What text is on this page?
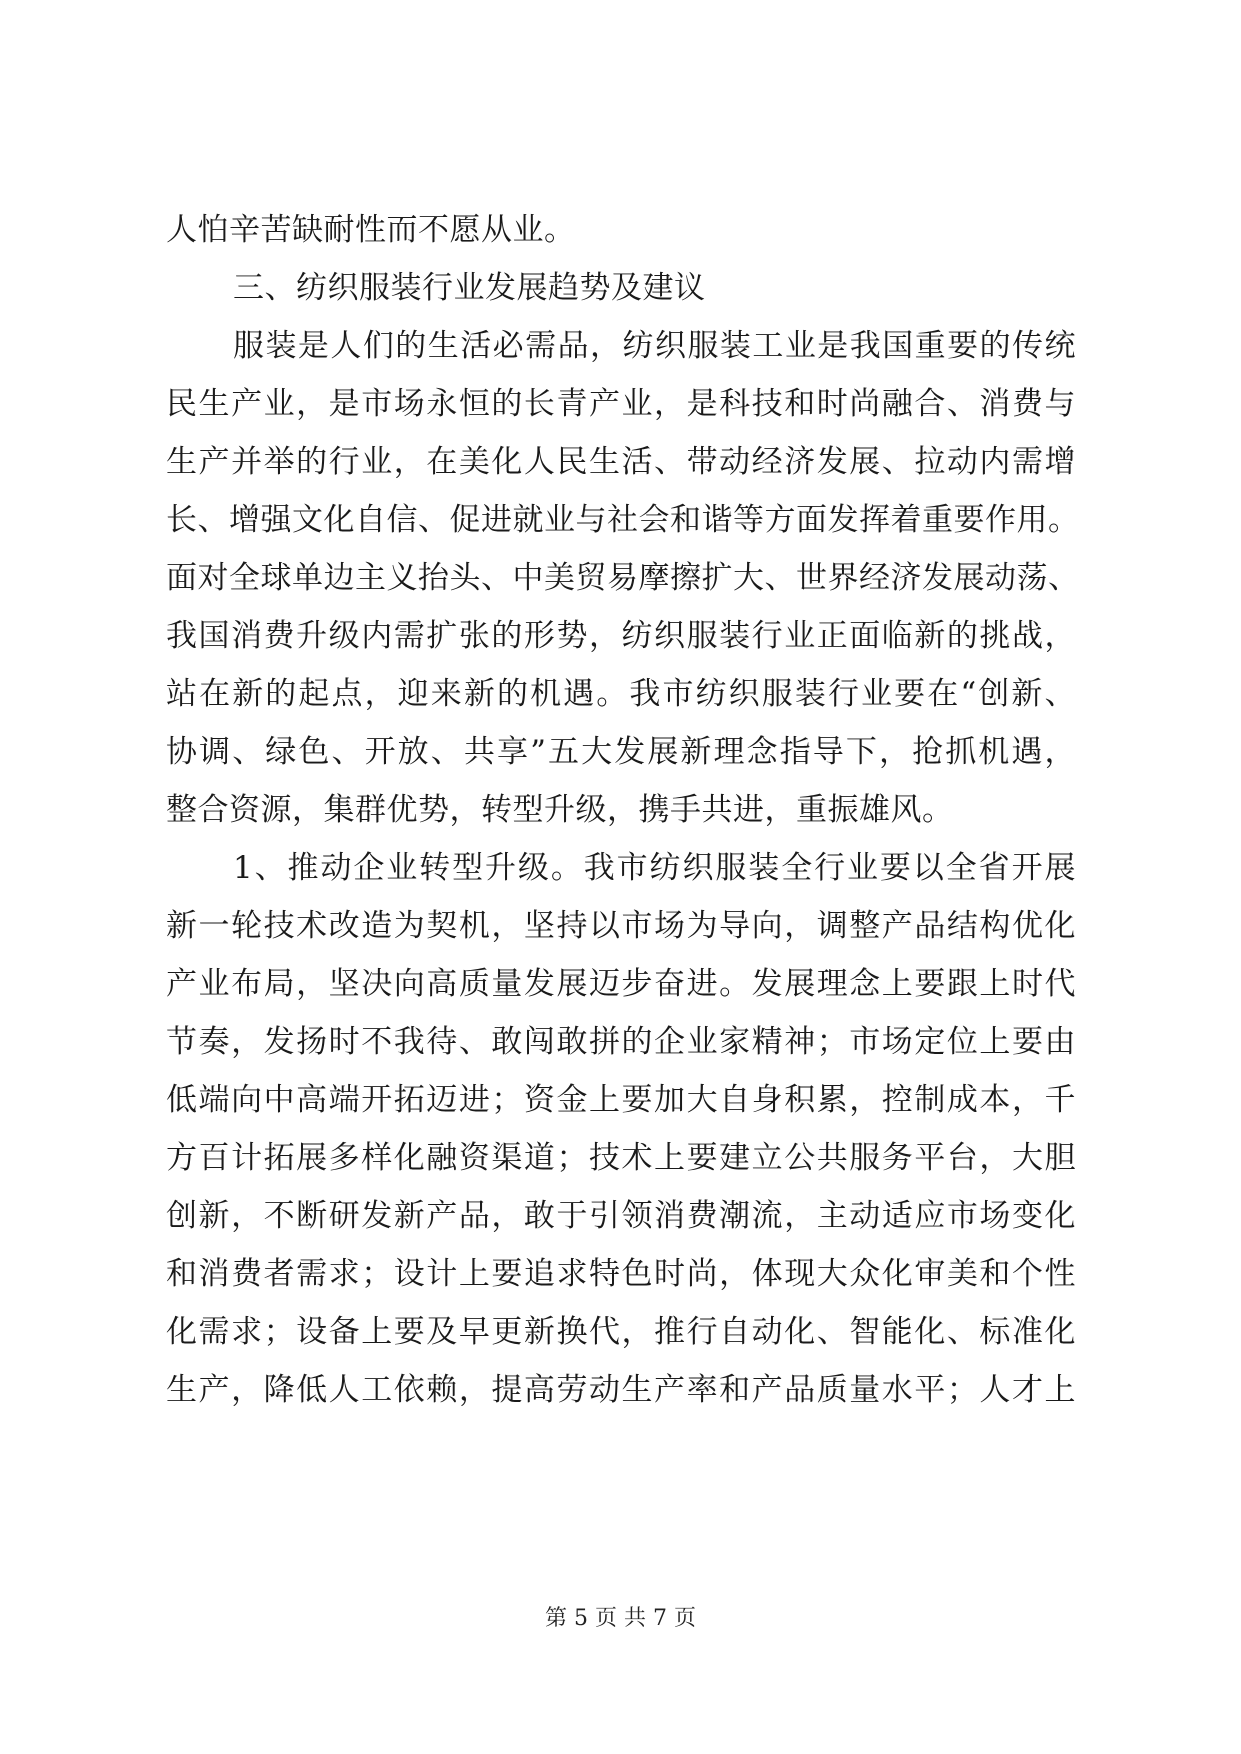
人怕辛苦缺耐性而不愿从业。
三、纺织服装行业发展趋势及建议
服装是人们的生活必需品，纺织服装工业是我国重要的传统
民生产业，是市场永恒的长青产业，是科技和时尚融合、消费与
生产并举的行业，在美化人民生活、带动经济发展、拉动内需增
长、增强文化自信、促进就业与社会和谐等方面发挥着重要作用。
面对全球单边主义抬头、中美贸易摩擦扩大、世界经济发展动荡、
我国消费升级内需扩张的形势，纺织服装行业正面临新的挑战，
站在新的起点，迎来新的机遇。我市纺织服装行业要在“创新、
协调、绿色、开放、共享”五大发展新理念指导下，抢抓机遇，
整合资源，集群优势，转型升级，携手共进，重振雄风。
1、推动企业转型升级。我市纺织服装全行业要以全省开展
新一轮技术改造为契机，坚持以市场为导向，调整产品结构优化
产业布局，坚决向高质量发展迈步奋进。发展理念上要跟上时代
节奏，发扬时不我待、敢闯敢拼的企业家精神；市场定位上要由
低端向中高端开拓迈进；资金上要加大自身积累，控制成本，千
方百计拓展多样化融资渠道；技术上要建立公共服务平台，大胆
创新，不断研发新产品，敢于引领消费潮流，主动适应市场变化
和消费者需求；设计上要追求特色时尚，体现大众化审美和个性
化需求；设备上要及早更新换代，推行自动化、智能化、标准化
生产，降低人工依赖，提高劳动生产率和产品质量水平；人才上
第 5 页 共 7 页
